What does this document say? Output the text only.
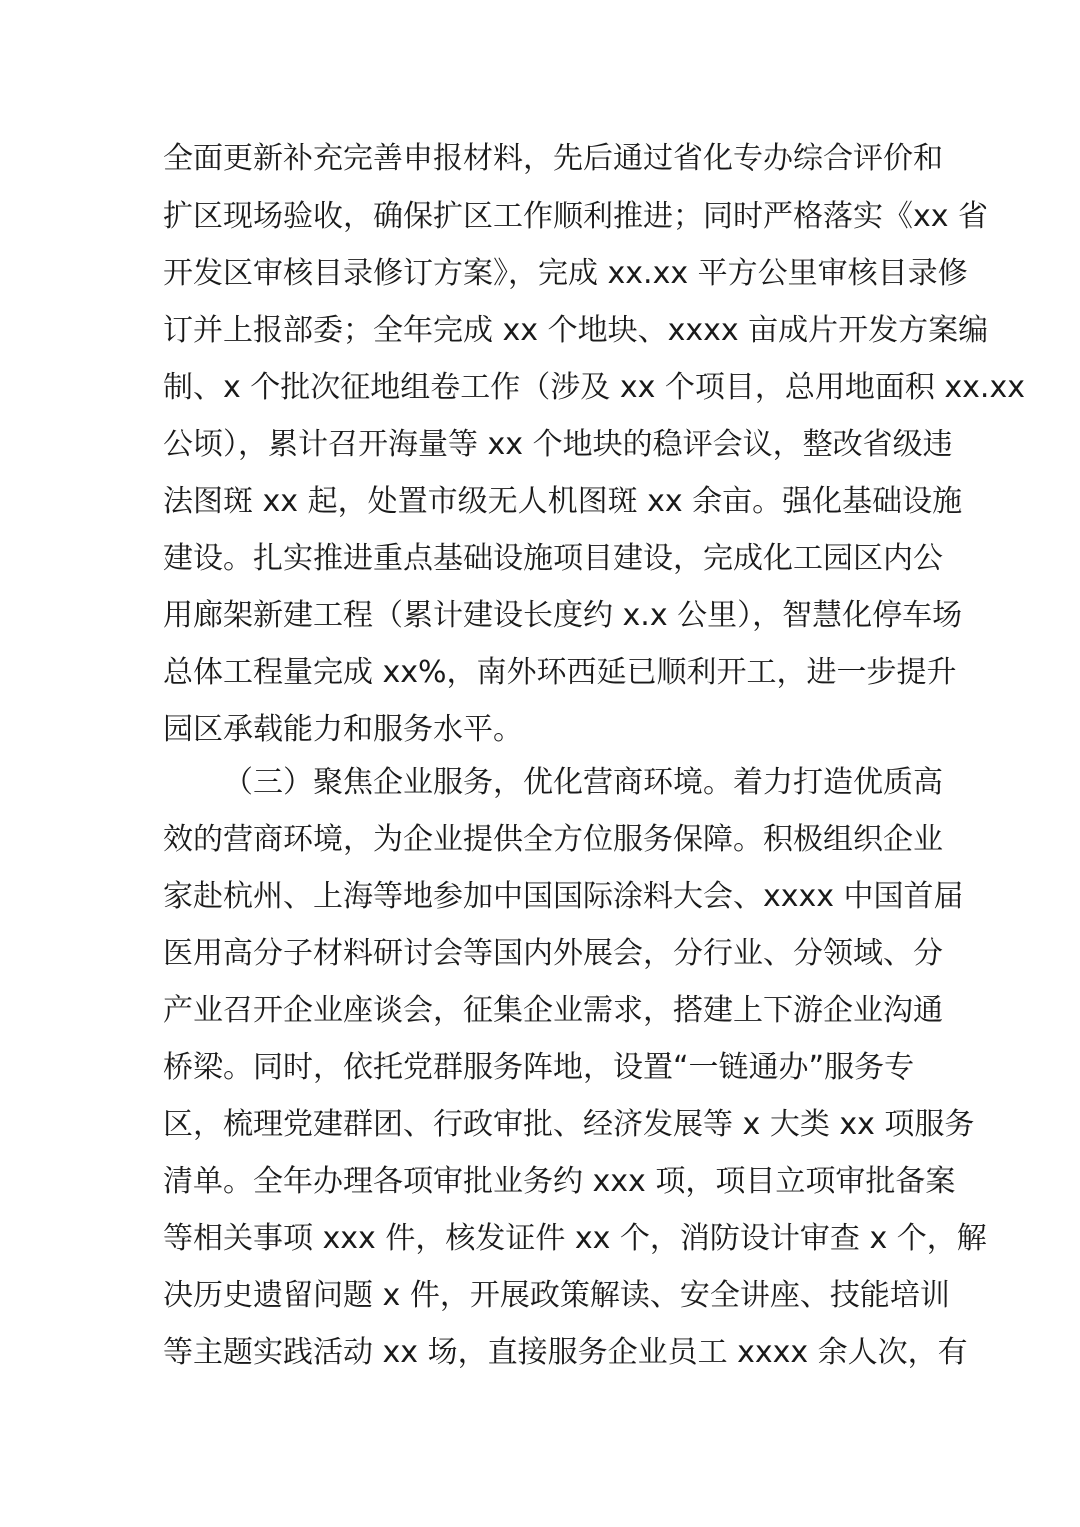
全面更新补充完善申报材料，先后通过省化专办综合评价和
扩区现场验收，确保扩区工作顺利推进；同时严格落实《xx 省
开发区审核目录修订方案》，完成 xx.xx 平方公里审核目录修
订并上报部委；全年完成 xx 个地块、xxxx 亩成片开发方案编
制、x 个批次征地组卷工作（涉及 xx 个项目，总用地面积 xx.xx
公顷），累计召开海量等 xx 个地块的稳评会议，整改省级违
法图斑 xx 起，处置市级无人机图斑 xx 余亩。强化基础设施
建设。扎实推进重点基础设施项目建设，完成化工园区内公
用廊架新建工程（累计建设长度约 x.x 公里），智慧化停车场
总体工程量完成 xx%，南外环西延已顺利开工，进一步提升
园区承载能力和服务水平。
（三）聚焦企业服务，优化营商环境。着力打造优质高
效的营商环境，为企业提供全方位服务保障。积极组织企业
家赴杭州、上海等地参加中国国际涂料大会、xxxx 中国首届
医用高分子材料研讨会等国内外展会，分行业、分领域、分
产业召开企业座谈会，征集企业需求，搭建上下游企业沟通
桥梁。同时，依托党群服务阵地，设置“一链通办”服务专
区，梳理党建群团、行政审批、经济发展等 x 大类 xx 项服务
清单。全年办理各项审批业务约 xxx 项，项目立项审批备案
等相关事项 xxx 件，核发证件 xx 个，消防设计审查 x 个，解
决历史遗留问题 x 件，开展政策解读、安全讲座、技能培训
等主题实践活动 xx 场，直接服务企业员工 xxxx 余人次，有
